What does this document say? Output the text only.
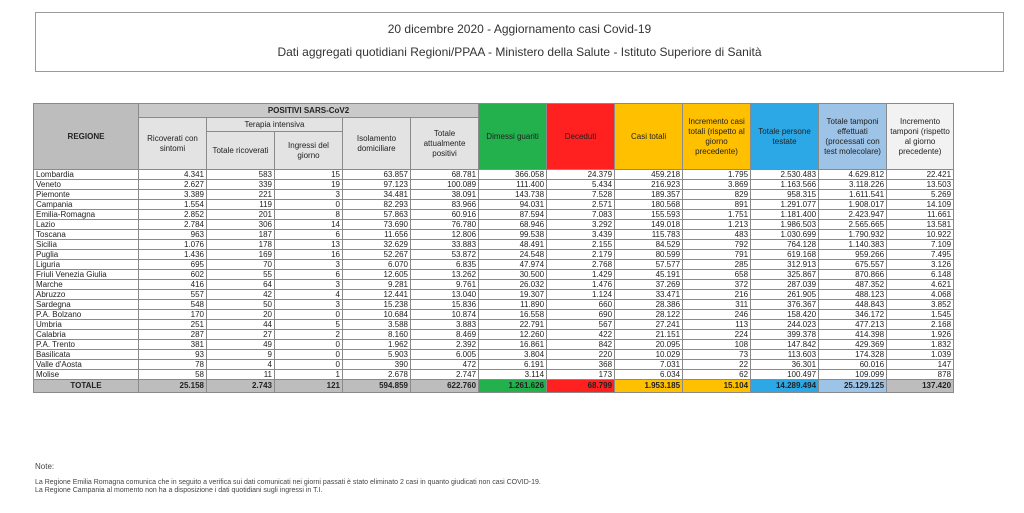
20 dicembre 2020 - Aggiornamento casi Covid-19
Dati aggregati quotidiani Regioni/PPAA - Ministero della Salute - Istituto Superiore di Sanità
REGIONE	POSITIVI SARS-CoV2					Dimessi guariti	Deceduti	Casi totali	Incremento casi totali (rispetto al giorno precedente)	Totale persone testate	Totale tamponi effettuati (processati con test molecolare)	Incremento tamponi (rispetto al giorno precedente)
	Ricoverati con sintomi	Terapia intensiva		Isolamento domiciliare	Totale attualmente positivi							
		Totale ricoverati	Ingressi del giorno									
Lombardia	4.341	583	15	63.857	68.781	366.058	24.379	459.218	1.795	2.530.483	4.629.812	22.421
Veneto	2.627	339	19	97.123	100.089	111.400	5.434	216.923	3.869	1.163.566	3.118.226	13.503
Piemonte	3.389	221	3	34.481	38.091	143.738	7.528	189.357	829	958.315	1.611.541	5.269
Campania	1.554	119	0	82.293	83.966	94.031	2.571	180.568	891	1.291.077	1.908.017	14.109
Emilia-Romagna	2.852	201	8	57.863	60.916	87.594	7.083	155.593	1.751	1.181.400	2.423.947	11.661
Lazio	2.784	306	14	73.690	76.780	68.946	3.292	149.018	1.213	1.986.503	2.565.665	13.581
Toscana	963	187	6	11.656	12.806	99.538	3.439	115.783	483	1.030.699	1.790.932	10.922
Sicilia	1.076	178	13	32.629	33.883	48.491	2.155	84.529	792	764.128	1.140.383	7.109
Puglia	1.436	169	16	52.267	53.872	24.548	2.179	80.599	791	619.168	959.266	7.495
Liguria	695	70	3	6.070	6.835	47.974	2.768	57.577	285	312.913	675.557	3.126
Friuli Venezia Giulia	602	55	6	12.605	13.262	30.500	1.429	45.191	658	325.867	870.866	6.148
Marche	416	64	3	9.281	9.761	26.032	1.476	37.269	372	287.039	487.352	4.621
Abruzzo	557	42	4	12.441	13.040	19.307	1.124	33.471	216	261.905	488.123	4.068
Sardegna	548	50	3	15.238	15.836	11.890	660	28.386	311	376.367	448.843	3.852
P.A. Bolzano	170	20	0	10.684	10.874	16.558	690	28.122	246	158.420	346.172	1.545
Umbria	251	44	5	3.588	3.883	22.791	567	27.241	113	244.023	477.213	2.168
Calabria	287	27	2	8.160	8.469	12.260	422	21.151	224	399.378	414.398	1.926
P.A. Trento	381	49	0	1.962	2.392	16.861	842	20.095	108	147.842	429.369	1.832
Basilicata	93	9	0	5.903	6.005	3.804	220	10.029	73	113.603	174.328	1.039
Valle d'Aosta	78	4	0	390	472	6.191	368	7.031	22	36.301	60.016	147
Molise	58	11	1	2.678	2.747	3.114	173	6.034	62	100.497	109.099	878
TOTALE	25.158	2.743	121	594.859	622.760	1.261.626	68.799	1.953.185	15.104	14.289.494	25.129.125	137.420
Note:
La Regione Emilia Romagna comunica che in seguito a verifica sui dati comunicati nei giorni passati è stato eliminato 2 casi in quanto giudicati non casi COVID-19.
La Regione Campania al momento non ha a disposizione i dati quotidiani sugli ingressi in T.I.
